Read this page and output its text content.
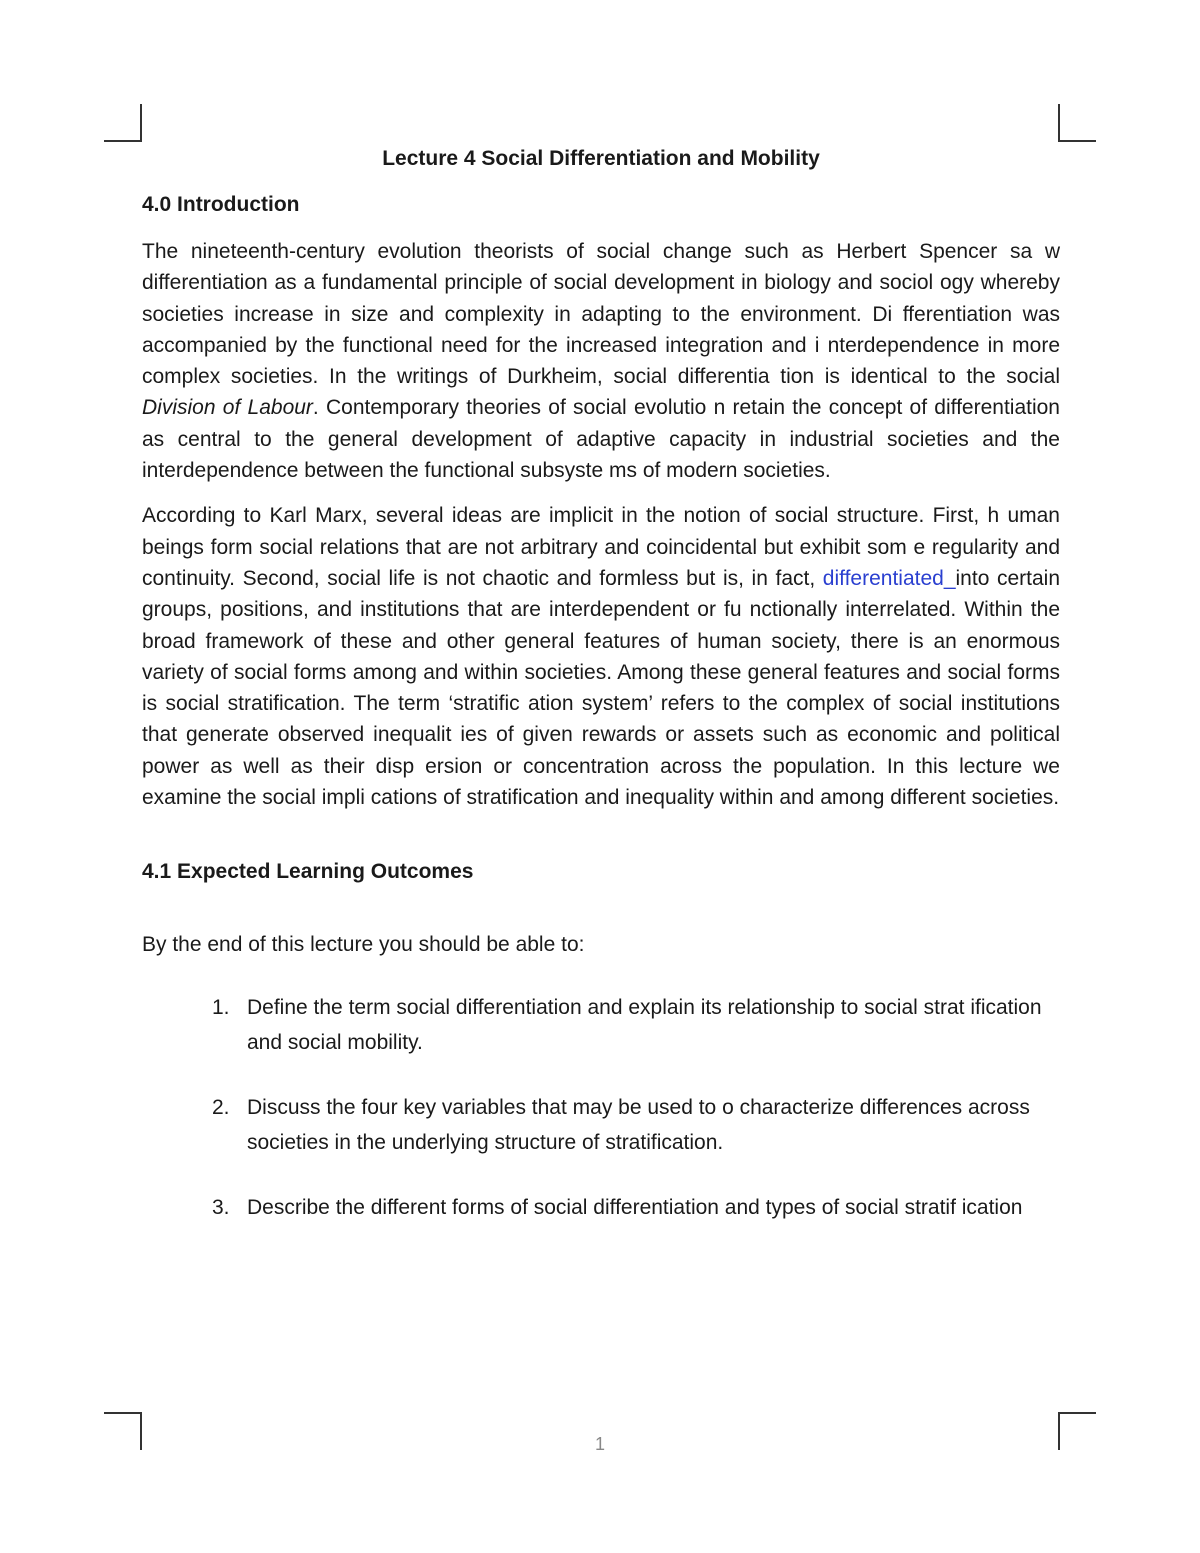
Lecture 4 Social Differentiation and Mobility
4.0 Introduction

The nineteenth-century evolution theorists of social change such as Herbert Spencer sa w differentiation as a fundamental principle of social development in biology and sociol ogy whereby societies increase in size and complexity in adapting to the environment. Di fferentiation was accompanied by the functional need for the increased integration and i nterdependence in more complex societies. In the writings of Durkheim, social differentia tion is identical to the social Division of Labour. Contemporary theories of social evolutio n retain the concept of differentiation as central to the general development of adaptive capacity in industrial societies and the interdependence between the functional subsyste ms of modern societies.

According to Karl Marx, several ideas are implicit in the notion of social structure. First, h uman beings form social relations that are not arbitrary and coincidental but exhibit som e regularity and continuity. Second, social life is not chaotic and formless but is, in fact, differentiated_into certain groups, positions, and institutions that are interdependent or fu nctionally interrelated. Within the broad framework of these and other general features of human society, there is an enormous variety of social forms among and within societies. Among these general features and social forms is social stratification. The term ‘stratific ation system’ refers to the complex of social institutions that generate observed inequalit ies of given rewards or assets such as economic and political power as well as their disp ersion or concentration across the population. In this lecture we examine the social impli cations of stratification and inequality within and among different societies.

4.1 Expected Learning Outcomes

By the end of this lecture you should be able to:

1. Define the term social differentiation and explain its relationship to social strat ification and social mobility.
2. Discuss the four key variables that may be used to o characterize differences across societies in the underlying structure of stratification.
3. Describe the different forms of social differentiation and types of social stratif ication
1
